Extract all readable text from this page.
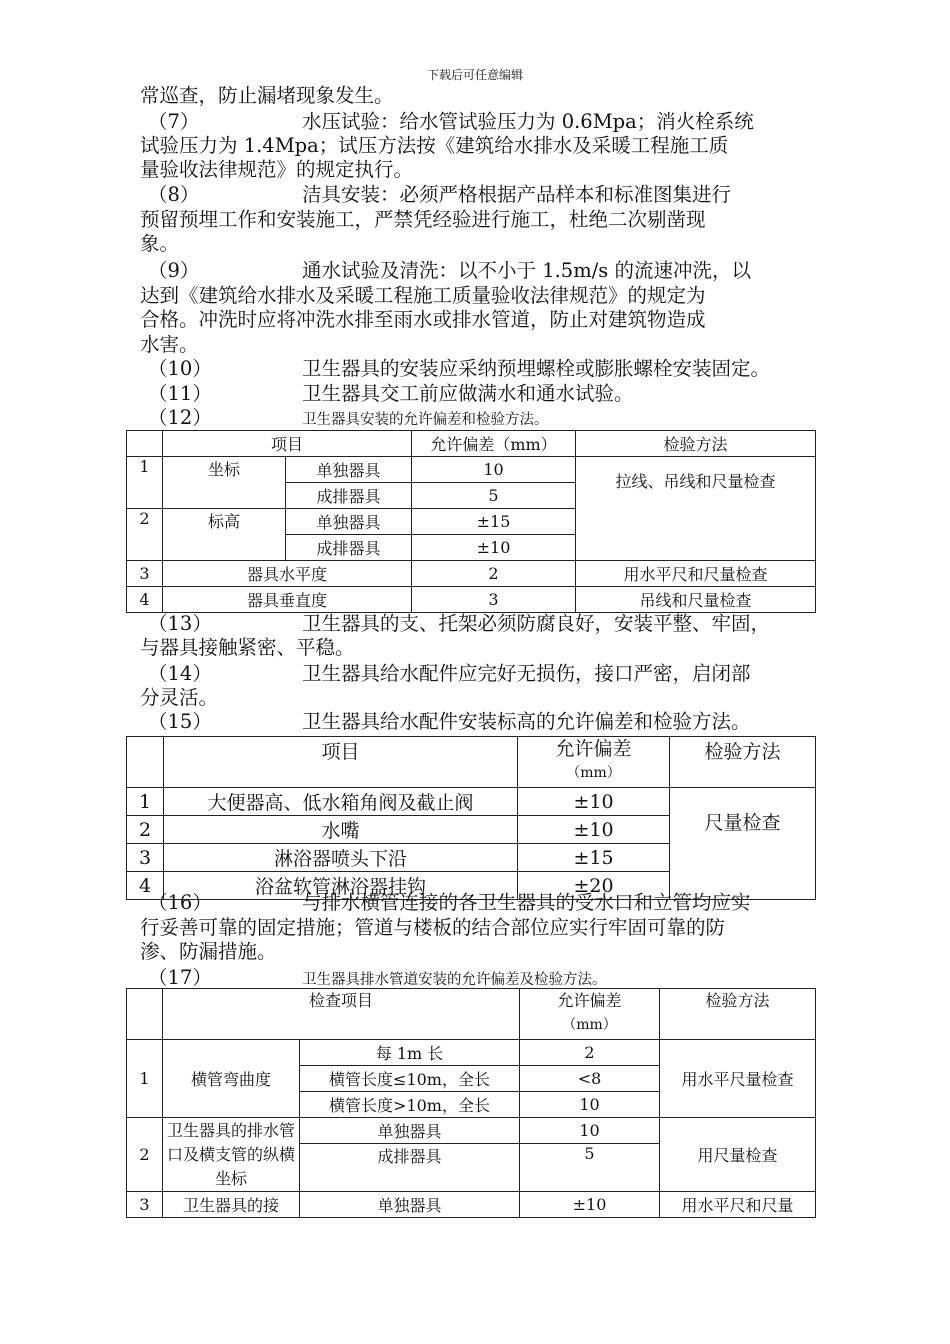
下载后可任意编辑
常巡查，防止漏堵现象发生。
（7）	水压试验：给水管试验压力为 0.6Mpa；消火栓系统
试验压力为 1.4Mpa；试压方法按《建筑给水排水及采暖工程施工质
量验收法律规范》的规定执行。
（8）	洁具安装：必须严格根据产品样本和标准图集进行
预留预埋工作和安装施工，严禁凭经验进行施工，杜绝二次剔凿现
象。
（9）	通水试验及清洗：以不小于 1.5m/s 的流速冲洗，以
达到《建筑给水排水及采暖工程施工质量验收法律规范》的规定为
合格。冲洗时应将冲洗水排至雨水或排水管道，防止对建筑物造成
水害。
（10）	卫生器具的安装应采纳预埋螺栓或膨胀螺栓安装固定。
（11）	卫生器具交工前应做满水和通水试验。
（12）	卫生器具安装的允许偏差和检验方法。
	项目		允许偏差（mm）	检验方法
1	坐标	单独器具	10	拉线、吊线和尺量检查
		成排器具	5	
2	标高	单独器具	±15	
		成排器具	±10	
3	器具水平度		2	用水平尺和尺量检查
4	器具垂直度		3	吊线和尺量检查
（13）	卫生器具的支、托架必须防腐良好，安装平整、牢固，
与器具接触紧密、平稳。
（14）	卫生器具给水配件应完好无损伤，接口严密，启闭部
分灵活。
（15）	卫生器具给水配件安装标高的允许偏差和检验方法。
	项目	允许偏差
（mm）	检验方法
1	大便器高、低水箱角阀及截止阀	±10	尺量检查
2	水嘴	±10	
3	淋浴器喷头下沿	±15	
4	浴盆软管淋浴器挂钩	±20	
（16）	与排水横管连接的各卫生器具的受水口和立管均应实
行妥善可靠的固定措施；管道与楼板的结合部位应实行牢固可靠的防
渗、防漏措施。
（17）	卫生器具排水管道安装的允许偏差及检验方法。
	检查项目		允许偏差
（mm）	检验方法
1	横管弯曲度	每 1m 长	2	用水平尺量检查
		横管长度≤10m，全长	<8	
		横管长度>10m，全长	10	
2	卫生器具的排水管口及横支管的纵横坐标	单独器具	10	用尺量检查
		成排器具	5	
3	卫生器具的接	单独器具	±10	用水平尺和尺量
